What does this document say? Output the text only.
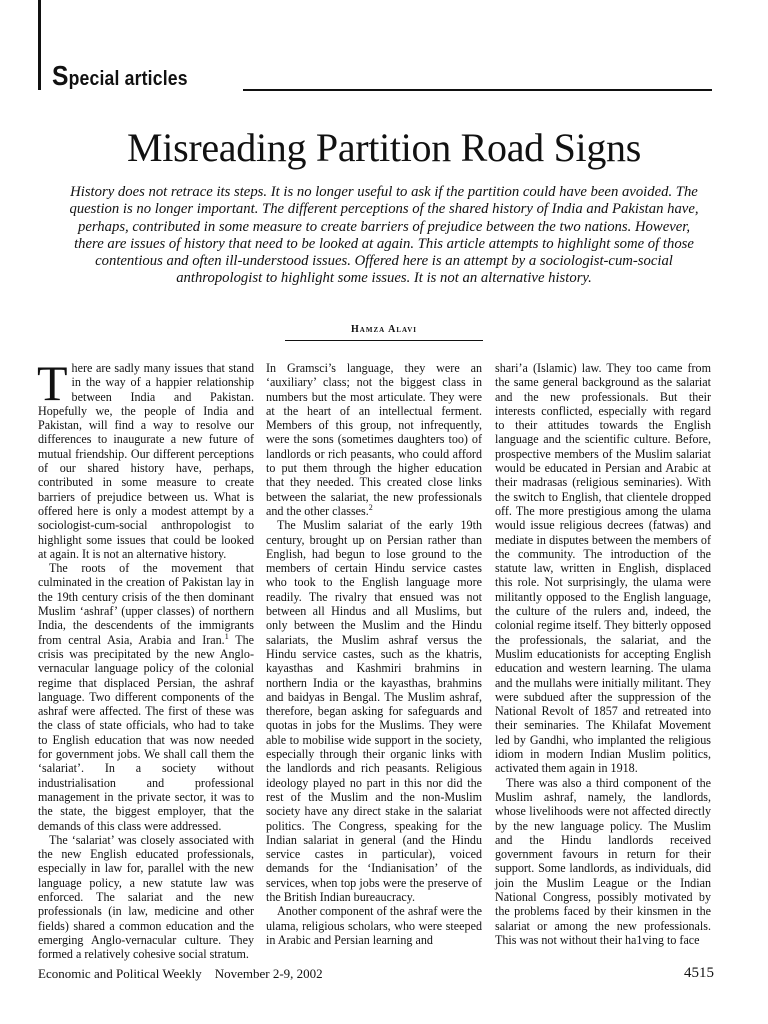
Special articles
Misreading Partition Road Signs

History does not retrace its steps. It is no longer useful to ask if the partition could have been avoided. The question is no longer important. The different perceptions of the shared history of India and Pakistan have, perhaps, contributed in some measure to create barriers of prejudice between the two nations. However, there are issues of history that need to be looked at again. This article attempts to highlight some of those contentious and often ill-understood issues. Offered here is an attempt by a sociologist-cum-social anthropologist to highlight some issues. It is not an alternative history.

Hamza Alavi

There are sadly many issues that stand in the way of a happier relationship between India and Pakistan. Hopefully we, the people of India and Pakistan, will find a way to resolve our differences to inaugurate a new future of mutual friendship. Our different perceptions of our shared history have, perhaps, contributed in some measure to create barriers of prejudice between us. What is offered here is only a modest attempt by a sociologist-cum-social anthropologist to highlight some issues that could be looked at again. It is not an alternative history.

The roots of the movement that culminated in the creation of Pakistan lay in the 19th century crisis of the then dominant Muslim ‘ashraf’ (upper classes) of northern India, the descendents of the immigrants from central Asia, Arabia and Iran.$^1$ The crisis was precipitated by the new Anglo-vernacular language policy of the colonial regime that displaced Persian, the ashraf language. Two different components of the ashraf were affected. The first of these was the class of state officials, who had to take to English education that was now needed for government jobs. We shall call them the ‘salariat’. In a society without industrialisation and professional management in the private sector, it was to the state, the biggest employer, that the demands of this class were addressed.

The ‘salariat’ was closely associated with the new English educated professionals, especially in law for, parallel with the new language policy, a new statute law was enforced. The salariat and the new professionals (in law, medicine and other fields) shared a common education and the emerging Anglo-vernacular culture. They formed a relatively cohesive social stratum.

In Gramsci’s language, they were an ‘auxiliary’ class; not the biggest class in numbers but the most articulate. They were at the heart of an intellectual ferment. Members of this group, not infrequently, were the sons (sometimes daughters too) of landlords or rich peasants, who could afford to put them through the higher education that they needed. This created close links between the salariat, the new professionals and the other classes.$^2$

The Muslim salariat of the early 19th century, brought up on Persian rather than English, had begun to lose ground to the members of certain Hindu service castes who took to the English language more readily. The rivalry that ensued was not between all Hindus and all Muslims, but only between the Muslim and the Hindu salariats, the Muslim ashraf versus the Hindu service castes, such as the khatris, kayasthas and Kashmiri brahmins in northern India or the kayasthas, brahmins and baidyas in Bengal. The Muslim ashraf, therefore, began asking for safeguards and quotas in jobs for the Muslims. They were able to mobilise wide support in the society, especially through their organic links with the landlords and rich peasants. Religious ideology played no part in this nor did the rest of the Muslim and the non-Muslim society have any direct stake in the salariat politics. The Congress, speaking for the Indian salariat in general (and the Hindu service castes in particular), voiced demands for the ‘Indianisation’ of the services, when top jobs were the preserve of the British Indian bureaucracy.

Another component of the ashraf were the ulama, religious scholars, who were steeped in Arabic and Persian learning and

shari’a (Islamic) law. They too came from the same general background as the salariat and the new professionals. But their interests conflicted, especially with regard to their attitudes towards the English language and the scientific culture. Before, prospective members of the Muslim salariat would be educated in Persian and Arabic at their madrasas (religious seminaries). With the switch to English, that clientele dropped off. The more prestigious among the ulama would issue religious decrees (fatwas) and mediate in disputes between the members of the community. The introduction of the statute law, written in English, displaced this role. Not surprisingly, the ulama were militantly opposed to the English language, the culture of the rulers and, indeed, the colonial regime itself. They bitterly opposed the professionals, the salariat, and the Muslim educationists for accepting English education and western learning. The ulama and the mullahs were initially militant. They were subdued after the suppression of the National Revolt of 1857 and retreated into their seminaries. The Khilafat Movement led by Gandhi, who implanted the religious idiom in modern Indian Muslim politics, activated them again in 1918.

There was also a third component of the Muslim ashraf, namely, the landlords, whose livelihoods were not affected directly by the new language policy. The Muslim and the Hindu landlords received government favours in return for their support. Some landlords, as individuals, did join the Muslim League or the Indian National Congress, possibly motivated by the problems faced by their kinsmen in the salariat or among the new professionals. This was not without their ha1ving to face

Economic and Political Weekly November 2-9, 2002	4515
